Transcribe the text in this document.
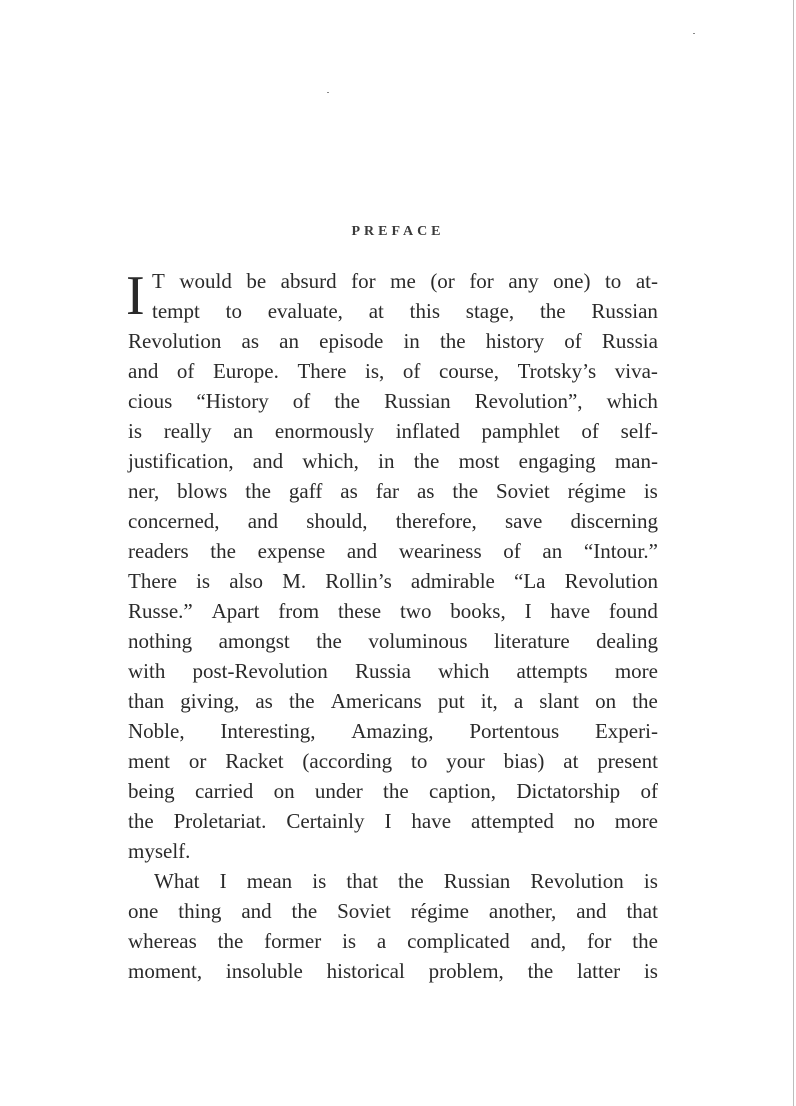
PREFACE
I T would be absurd for me (or for any one) to at-
tempt to evaluate, at this stage, the Russian
Revolution as an episode in the history of Russia
and of Europe. There is, of course, Trotsky’s viva-
cious “History of the Russian Revolution”, which
is really an enormously inflated pamphlet of self-
justification, and which, in the most engaging man-
ner, blows the gaff as far as the Soviet régime is
concerned, and should, therefore, save discerning
readers the expense and weariness of an “Intour.”
There is also M. Rollin’s admirable “La Revolution
Russe.” Apart from these two books, I have found
nothing amongst the voluminous literature dealing
with post-Revolution Russia which attempts more
than giving, as the Americans put it, a slant on the
Noble, Interesting, Amazing, Portentous Experi-
ment or Racket (according to your bias) at present
being carried on under the caption, Dictatorship of
the Proletariat. Certainly I have attempted no more
myself.
What I mean is that the Russian Revolution is
one thing and the Soviet régime another, and that
whereas the former is a complicated and, for the
moment, insoluble historical problem, the latter is
